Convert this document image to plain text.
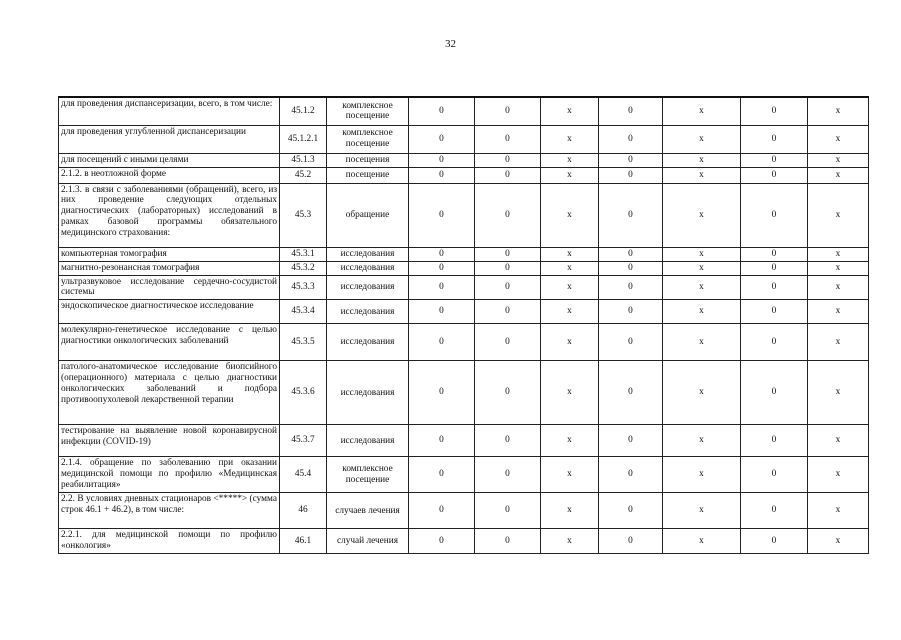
32
для проведения диспансеризации, всего, в том числе:	45.1.2	комплексное посещение	0	0	х	0	х	0	х
для проведения углубленной диспансеризации	45.1.2.1	комплексное посещение	0	0	х	0	х	0	х
для посещений с иными целями	45.1.3	посещения	0	0	х	0	х	0	х
2.1.2. в неотложной форме	45.2	посещение	0	0	х	0	х	0	х
2.1.3. в связи с заболеваниями (обращений), всего, из них проведение следующих отдельных диагностических (лабораторных) исследований в рамках базовой программы обязательного медицинского страхования:	45.3	обращение	0	0	х	0	х	0	х
компьютерная томография	45.3.1	исследования	0	0	х	0	х	0	х
магнитно-резонансная томография	45.3.2	исследования	0	0	х	0	х	0	х
ультразвуковое исследование сердечно-сосудистой системы	45.3.3	исследования	0	0	х	0	х	0	х
эндоскопическое диагностическое исследование	45.3.4	исследования	0	0	х	0	х	0	х
молекулярно-генетическое исследование с целью диагностики онкологических заболеваний	45.3.5	исследования	0	0	х	0	х	0	х
патолого-анатомическое исследование биопсийного (операционного) материала с целью диагностики онкологических заболеваний и подбора противоопухолевой лекарственной терапии	45.3.6	исследования	0	0	х	0	х	0	х
тестирование на выявление новой коронавирусной инфекции (COVID-19)	45.3.7	исследования	0	0	х	0	х	0	х
2.1.4. обращение по заболеванию при оказании медицинской помощи по профилю «Медицинская реабилитация»	45.4	комплексное посещение	0	0	х	0	х	0	х
2.2. В условиях дневных стационаров <*****> (сумма строк 46.1 + 46.2), в том числе:	46	случаев лечения	0	0	х	0	х	0	х
2.2.1. для медицинской помощи по профилю «онкология»	46.1	случай лечения	0	0	х	0	х	0	х
